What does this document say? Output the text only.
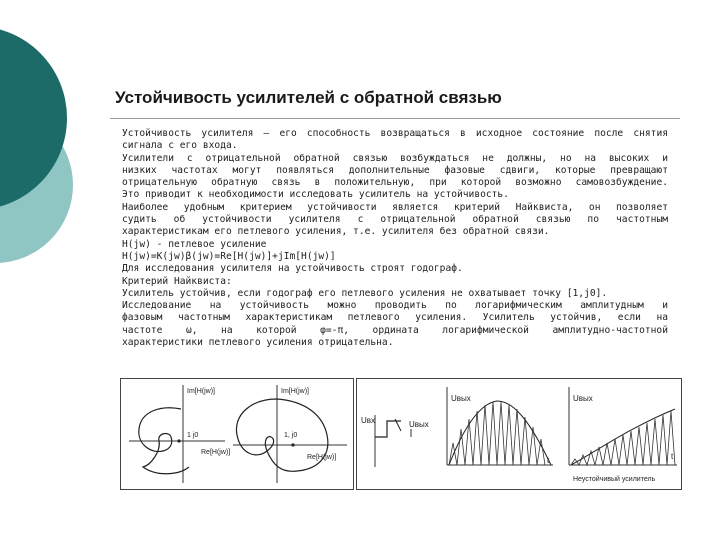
Устойчивость усилителей с обратной связью
Устойчивость усилителя – его способность возвращаться в исходное состояние после снятия
сигнала с его входа.
Усилители с отрицательной обратной связью возбуждаться не должны, но на высоких и
низких частотах могут появляться дополнительные фазовые сдвиги, которые превращают
отрицательную обратную связь в положительную, при которой возможно самовозбуждение.
Это приводит к необходимости исследовать усилитель на устойчивость.
Наиболее удобным критерием устойчивости является критерий Найквиста, он позволяет
судить об устойчивости усилителя с отрицательной обратной связью по частотным
характеристикам его петлевого усиления, т.е. усилителя без обратной связи.
H(jw) - петлевое усиление
H(jw)=K(jw)β(jw)=Re[H(jw)]+jIm[H(jw)]
Для исследования усилителя на устойчивость строят годограф.
Критерий Найквиста:
Усилитель устойчив, если годограф его петлевого усиления не охватывает точку [1,j0].
Исследование на устойчивость можно проводить по логарифмическим амплитудным и
фазовым частотным характеристикам петлевого усиления. Усилитель устойчив, если на
частоте ω, на которой φ=-π, ордината логарифмической амплитудно-частотной
характеристики петлевого усиления отрицательна.
Im[H(jw)]
Re[H(jw)]
1 j0
Im[H(jw)]
Re[H(jw)]
1, j0
Uвх	Uвых
Uвых
t
Uвых
t
Неустойчивый усилитель
